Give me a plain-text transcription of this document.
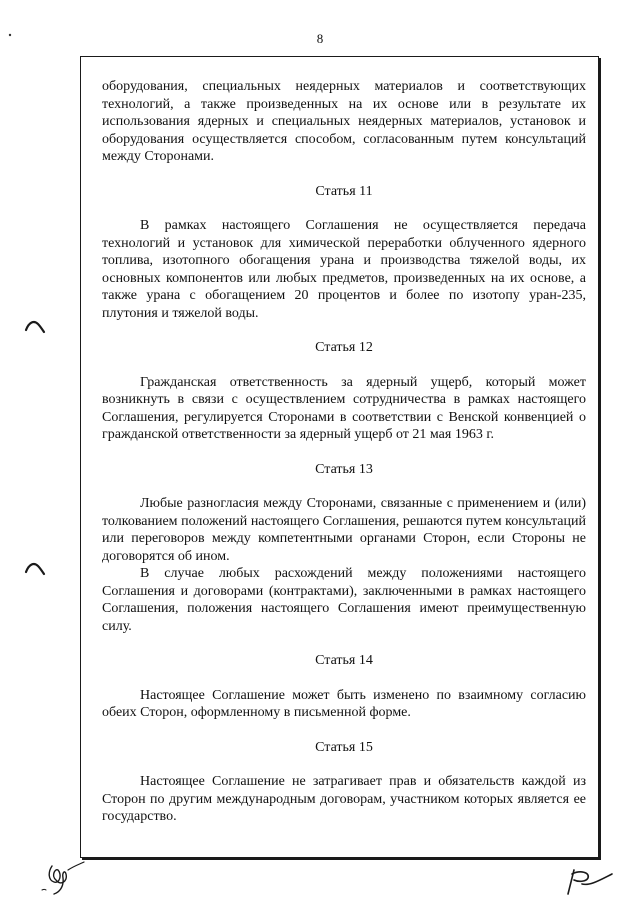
8

оборудования, специальных неядерных материалов и соответствующих технологий, а также произведенных на их основе или в результате их использования ядерных и специальных неядерных материалов, установок и оборудования осуществляется способом, согласованным путем консультаций между Сторонами.

Статья 11

В рамках настоящего Соглашения не осуществляется передача технологий и установок для химической переработки облученного ядерного топлива, изотопного обогащения урана и производства тяжелой воды, их основных компонентов или любых предметов, произведенных на их основе, а также урана с обогащением 20 процентов и более по изотопу уран-235, плутония и тяжелой воды.

Статья 12

Гражданская ответственность за ядерный ущерб, который может возникнуть в связи с осуществлением сотрудничества в рамках настоящего Соглашения, регулируется Сторонами в соответствии с Венской конвенцией о гражданской ответственности за ядерный ущерб от 21 мая 1963 г.

Статья 13

Любые разногласия между Сторонами, связанные с применением и (или) толкованием положений настоящего Соглашения, решаются путем консультаций или переговоров между компетентными органами Сторон, если Стороны не договорятся об ином.

В случае любых расхождений между положениями настоящего Соглашения и договорами (контрактами), заключенными в рамках настоящего Соглашения, положения настоящего Соглашения имеют преимущественную силу.

Статья 14

Настоящее Соглашение может быть изменено по взаимному согласию обеих Сторон, оформленному в письменной форме.

Статья 15

Настоящее Соглашение не затрагивает прав и обязательств каждой из Сторон по другим международным договорам, участником которых является ее государство.
